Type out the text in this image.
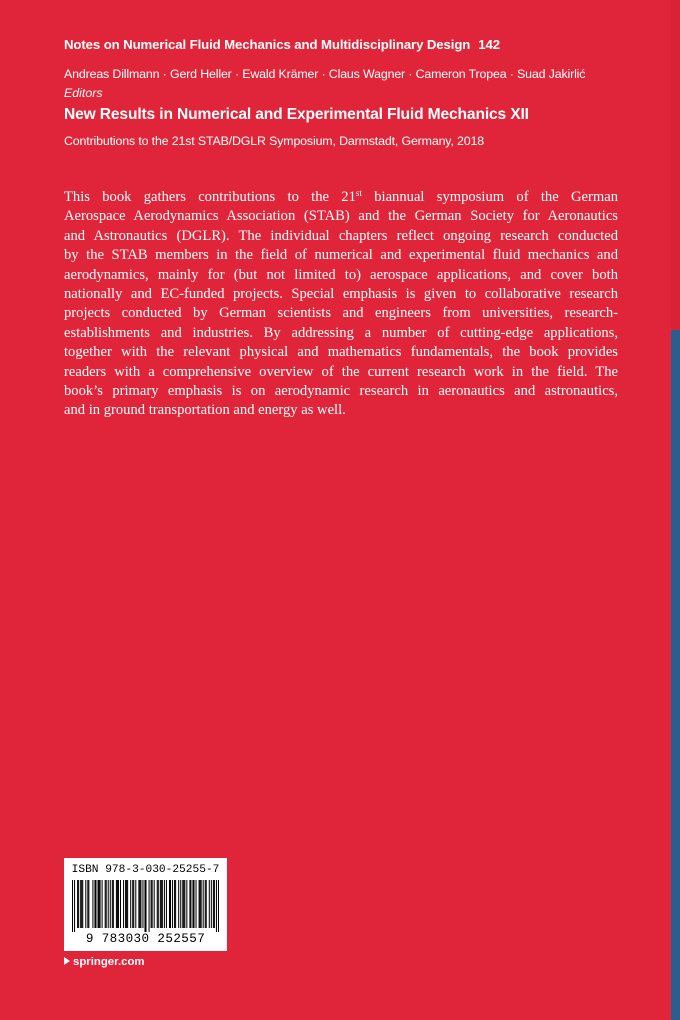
Notes on Numerical Fluid Mechanics and Multidisciplinary Design 142
Andreas Dillmann · Gerd Heller · Ewald Krämer · Claus Wagner · Cameron Tropea · Suad Jakirlić
Editors
New Results in Numerical and Experimental Fluid Mechanics XII
Contributions to the 21st STAB/DGLR Symposium, Darmstadt, Germany, 2018
This book gathers contributions to the 21st biannual symposium of the German
Aerospace Aerodynamics Association (STAB) and the German Society for Aeronautics
and Astronautics (DGLR). The individual chapters reflect ongoing research conducted
by the STAB members in the field of numerical and experimental fluid mechanics and
aerodynamics, mainly for (but not limited to) aerospace applications, and cover both
nationally and EC-funded projects. Special emphasis is given to collaborative research
projects conducted by German scientists and engineers from universities, research-
establishments and industries. By addressing a number of cutting-edge applications,
together with the relevant physical and mathematics fundamentals, the book provides
readers with a comprehensive overview of the current research work in the field. The
book’s primary emphasis is on aerodynamic research in aeronautics and astronautics,
and in ground transportation and energy as well.
ISBN 978-3-030-25255-7
9 783030 252557
springer.com
